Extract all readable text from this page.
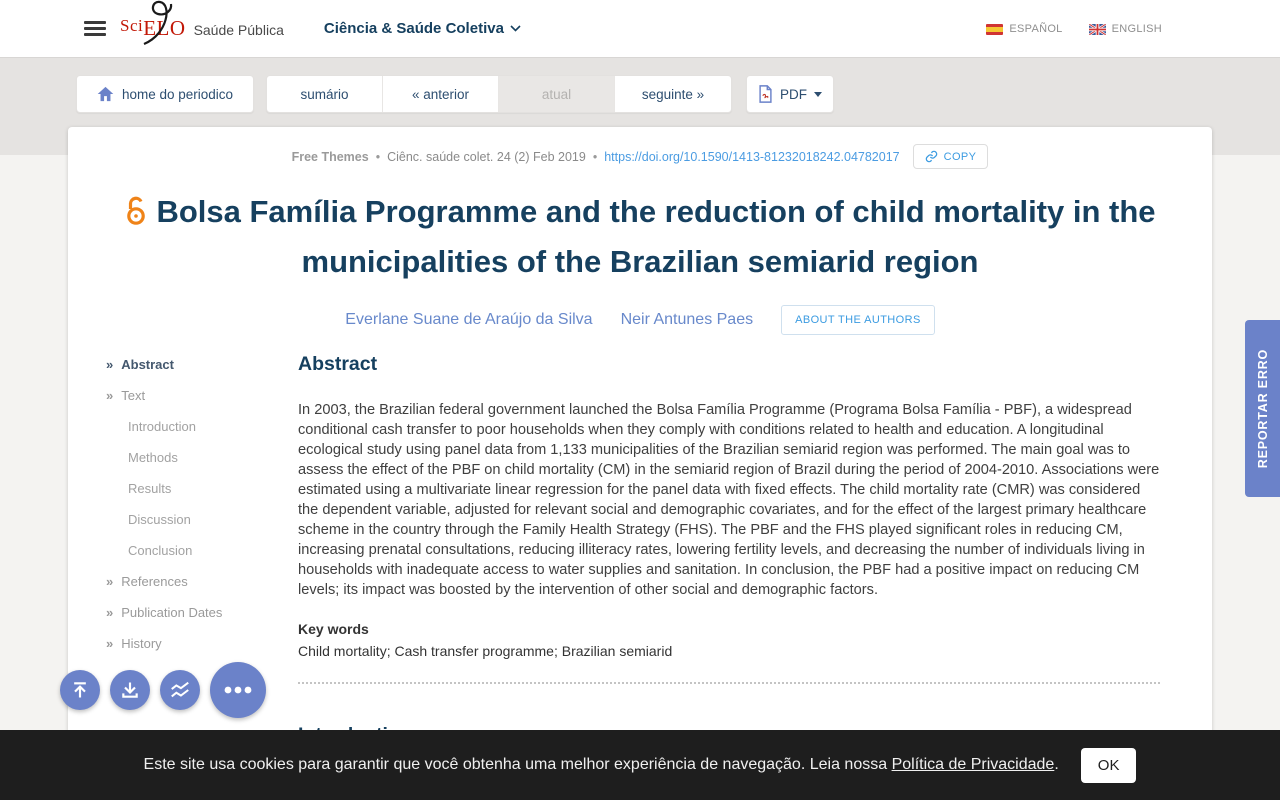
SciELO Saúde Pública	Ciência & Saúde Coletiva	ESPAÑOL	ENGLISH
home do periodico	sumário	« anterior	atual	seguinte »	PDF
Free Themes • Ciênc. saúde colet. 24 (2) Feb 2019 • https://doi.org/10.1590/1413-81232018242.04782017	COPY
Bolsa Família Programme and the reduction of child mortality in the municipalities of the Brazilian semiarid region
Everlane Suane de Araújo da Silva Neir Antunes Paes	ABOUT THE AUTHORS
» Abstract
» Text
Introduction
Methods
Results
Discussion
Conclusion
» References
» Publication Dates
» History
Abstract
In 2003, the Brazilian federal government launched the Bolsa Família Programme (Programa Bolsa Família - PBF), a widespread conditional cash transfer to poor households when they comply with conditions related to health and education. A longitudinal ecological study using panel data from 1,133 municipalities of the Brazilian semiarid region was performed. The main goal was to assess the effect of the PBF on child mortality (CM) in the semiarid region of Brazil during the period of 2004-2010. Associations were estimated using a multivariate linear regression for the panel data with fixed effects. The child mortality rate (CMR) was considered the dependent variable, adjusted for relevant social and demographic covariates, and for the effect of the largest primary healthcare scheme in the country through the Family Health Strategy (FHS). The PBF and the FHS played significant roles in reducing CM, increasing prenatal consultations, reducing illiteracy rates, lowering fertility levels, and decreasing the number of individuals living in households with inadequate access to water supplies and sanitation. In conclusion, the PBF had a positive impact on reducing CM levels; its impact was boosted by the intervention of other social and demographic factors.
Key words
Child mortality; Cash transfer programme; Brazilian semiarid
REPORTAR ERRO
Este site usa cookies para garantir que você obtenha uma melhor experiência de navegação. Leia nossa Política de Privacidade.	OK
